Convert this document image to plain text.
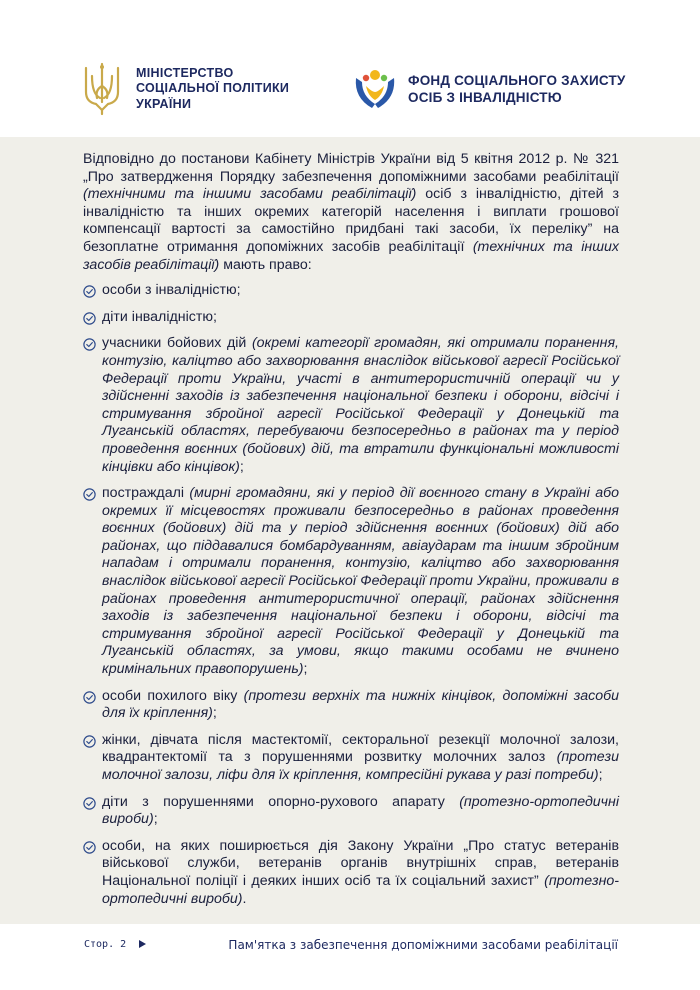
МІНІСТЕРСТВО
СОЦІАЛЬНОЇ ПОЛІТИКИ
УКРАЇНИ
ФОНД СОЦІАЛЬНОГО ЗАХИСТУ
ОСІБ З ІНВАЛІДНІСТЮ

Відповідно до постанови Кабінету Міністрів України від 5 квітня 2012 р. № 321 „Про затвердження Порядку забезпечення допоміжними засобами реабілітації (технічними та іншими засобами реабілітації) осіб з інвалідністю, дітей з інвалідністю та інших окремих категорій населення і виплати грошової компенсації вартості за самостійно придбані такі засоби, їх переліку” на безоплатне отримання допоміжних засобів реабілітації (технічних та інших засобів реабілітації) мають право:

особи з інвалідністю;
діти інвалідністю;
учасники бойових дій (окремі категорії громадян, які отримали поранення, контузію, каліцтво або захворювання внаслідок військової агресії Російської Федерації проти України, участі в антитерористичній операції чи у здійсненні заходів із забезпечення національної безпеки і оборони, відсічі і стримування збройної агресії Російської Федерації у Донецькій та Луганській областях, перебуваючи безпосередньо в районах та у період проведення воєнних (бойових) дій, та втратили функціональні можливості кінцівки або кінцівок);
постраждалі (мирні громадяни, які у період дії воєнного стану в Україні або окремих її місцевостях проживали безпосередньо в районах проведення воєнних (бойових) дій та у період здійснення воєнних (бойових) дій або районах, що піддавалися бомбардуванням, авіаударам та іншим збройним нападам і отримали поранення, контузію, каліцтво або захворювання внаслідок військової агресії Російської Федерації проти України, проживали в районах проведення антитерористичної операції, районах здійснення заходів із забезпечення національної безпеки і оборони, відсічі та стримування збройної агресії Російської Федерації у Донецькій та Луганській областях, за умови, якщо такими особами не вчинено кримінальних правопорушень);
особи похилого віку (протези верхніх та нижніх кінцівок, допоміжні засоби для їх кріплення);
жінки, дівчата після мастектомії, секторальної резекції молочної залози, квадрантектомії та з порушеннями розвитку молочних залоз (протези молочної залози, ліфи для їх кріплення, компресійні рукава у разі потреби);
діти з порушеннями опорно-рухового апарату (протезно-ортопедичні вироби);
особи, на яких поширюється дія Закону України „Про статус ветеранів військової служби, ветеранів органів внутрішніх справ, ветеранів Національної поліції і деяких інших осіб та їх соціальний захист” (протезно-ортопедичні вироби).
Стор. 2	Пам'ятка з забезпечення допоміжними засобами реабілітації
